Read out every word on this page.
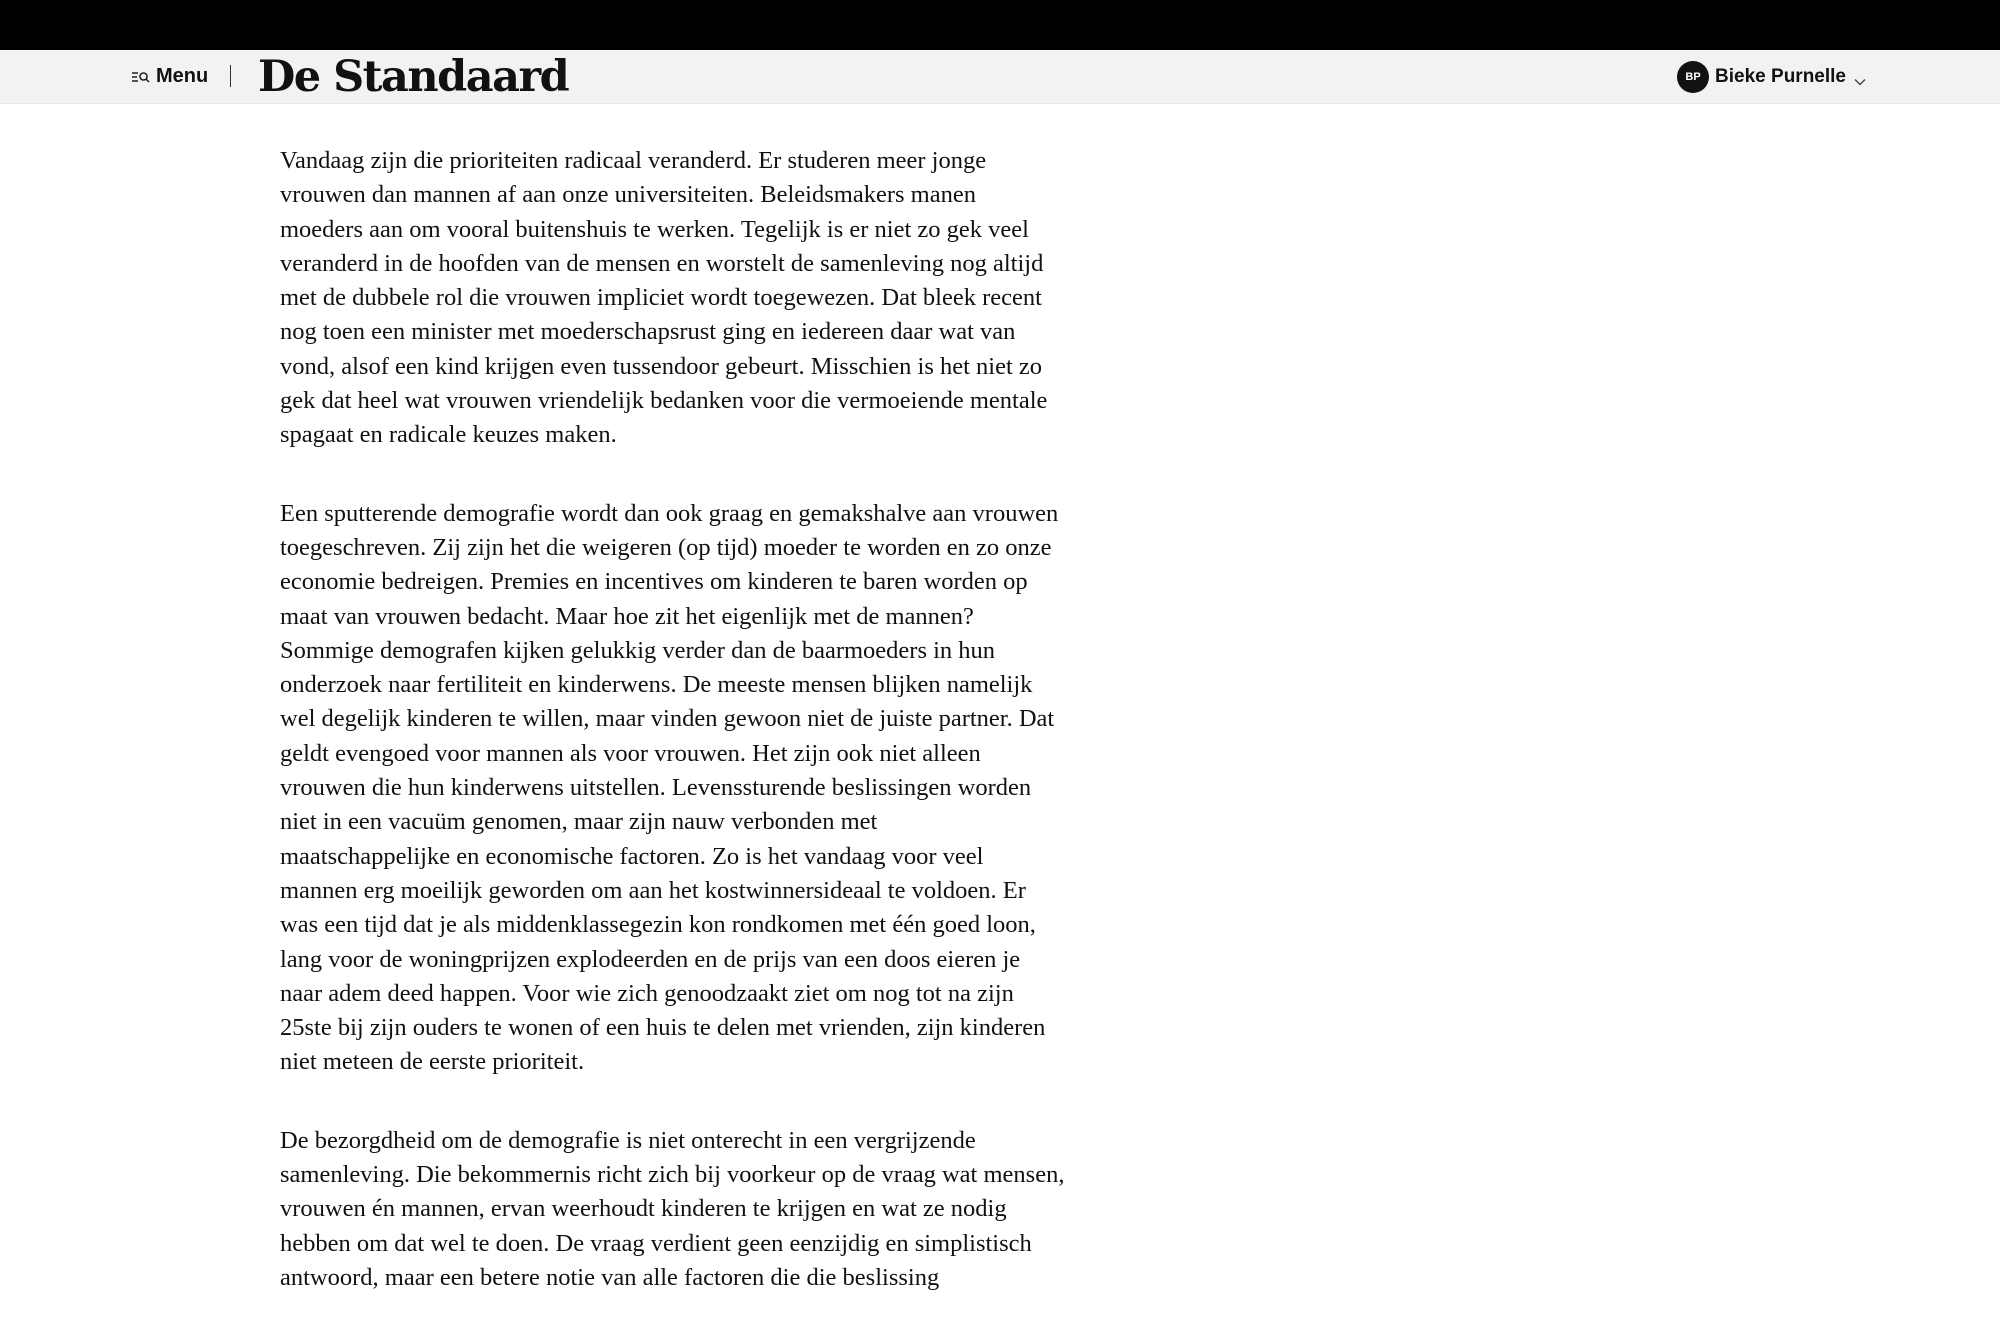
Menu De Standaard	BP Bieke Purnelle

Vandaag zijn die prioriteiten radicaal veranderd. Er studeren meer jonge
vrouwen dan mannen af aan onze universiteiten. Beleidsmakers manen
moeders aan om vooral buitenshuis te werken. Tegelijk is er niet zo gek veel
veranderd in de hoofden van de mensen en worstelt de samenleving nog altijd
met de dubbele rol die vrouwen impliciet wordt toegewezen. Dat bleek recent
nog toen een minister met moederschapsrust ging en iedereen daar wat van
vond, alsof een kind krijgen even tussendoor gebeurt. Misschien is het niet zo
gek dat heel wat vrouwen vriendelijk bedanken voor die vermoeiende mentale
spagaat en radicale keuzes maken.

Een sputterende demografie wordt dan ook graag en gemakshalve aan vrouwen
toegeschreven. Zij zijn het die weigeren (op tijd) moeder te worden en zo onze
economie bedreigen. Premies en incentives om kinderen te baren worden op
maat van vrouwen bedacht. Maar hoe zit het eigenlijk met de mannen?
Sommige demografen kijken gelukkig verder dan de baarmoeders in hun
onderzoek naar fertiliteit en kinderwens. De meeste mensen blijken namelijk
wel degelijk kinderen te willen, maar vinden gewoon niet de juiste partner. Dat
geldt evengoed voor mannen als voor vrouwen. Het zijn ook niet alleen
vrouwen die hun kinderwens uitstellen. Levenssturende beslissingen worden
niet in een vacuüm genomen, maar zijn nauw verbonden met
maatschappelijke en economische factoren. Zo is het vandaag voor veel
mannen erg moeilijk geworden om aan het kostwinnersideaal te voldoen. Er
was een tijd dat je als middenklassegezin kon rondkomen met één goed loon,
lang voor de woningprijzen explodeerden en de prijs van een doos eieren je
naar adem deed happen. Voor wie zich genoodzaakt ziet om nog tot na zijn
25ste bij zijn ouders te wonen of een huis te delen met vrienden, zijn kinderen
niet meteen de eerste prioriteit.

De bezorgdheid om de demografie is niet onterecht in een vergrijzende
samenleving. Die bekommernis richt zich bij voorkeur op de vraag wat mensen,
vrouwen én mannen, ervan weerhoudt kinderen te krijgen en wat ze nodig
hebben om dat wel te doen. De vraag verdient geen eenzijdig en simplistisch
antwoord, maar een betere notie van alle factoren die die beslissing
